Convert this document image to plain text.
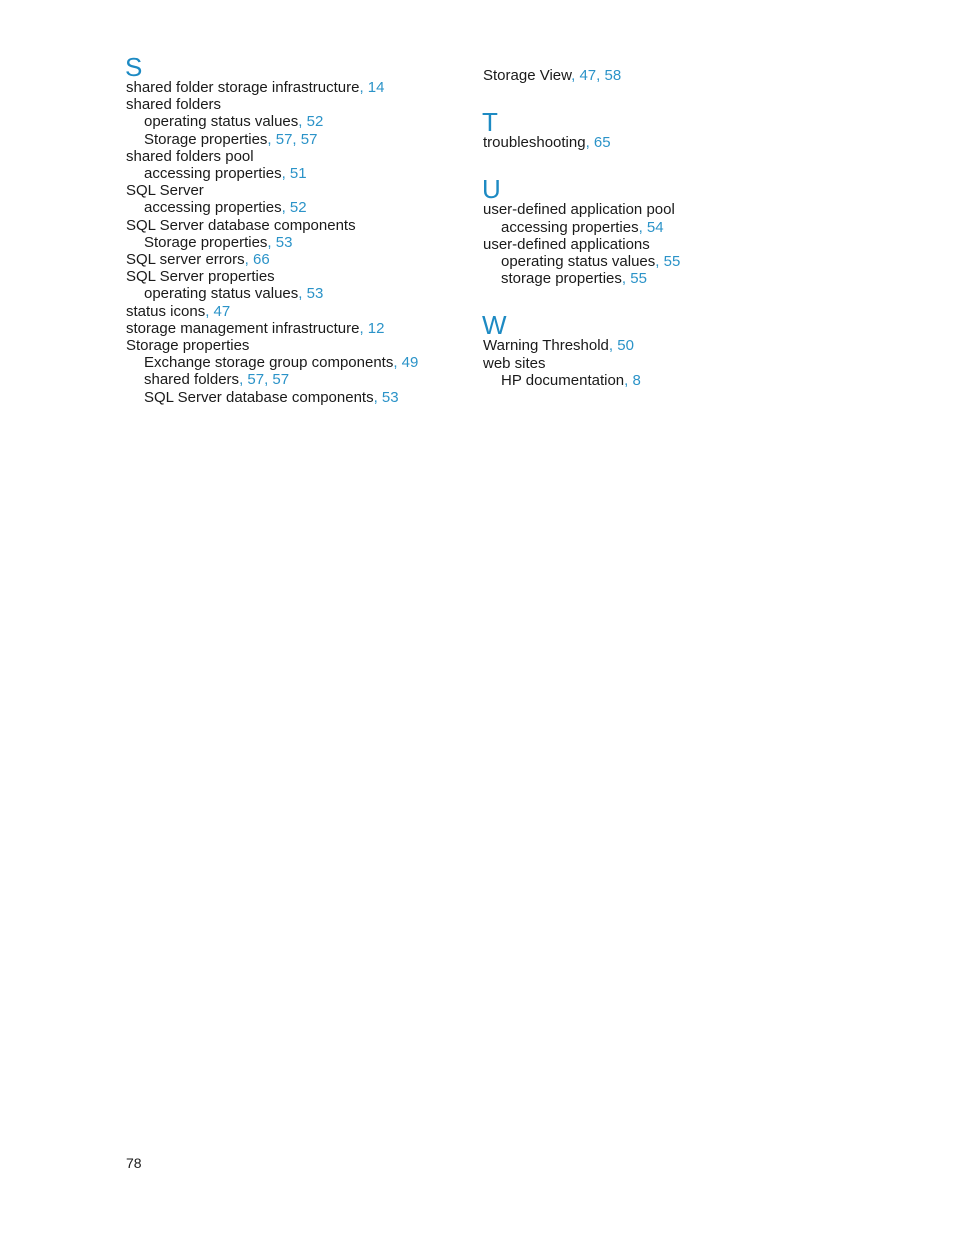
S
shared folder storage infrastructure, 14
shared folders
operating status values, 52
Storage properties, 57, 57
shared folders pool
accessing properties, 51
SQL Server
accessing properties, 52
SQL Server database components
Storage properties, 53
SQL server errors, 66
SQL Server properties
operating status values, 53
status icons, 47
storage management infrastructure, 12
Storage properties
Exchange storage group components, 49
shared folders, 57, 57
SQL Server database components, 53
Storage View, 47, 58
T
troubleshooting, 65
U
user-defined application pool
accessing properties, 54
user-defined applications
operating status values, 55
storage properties, 55
W
Warning Threshold, 50
web sites
HP documentation, 8
78
